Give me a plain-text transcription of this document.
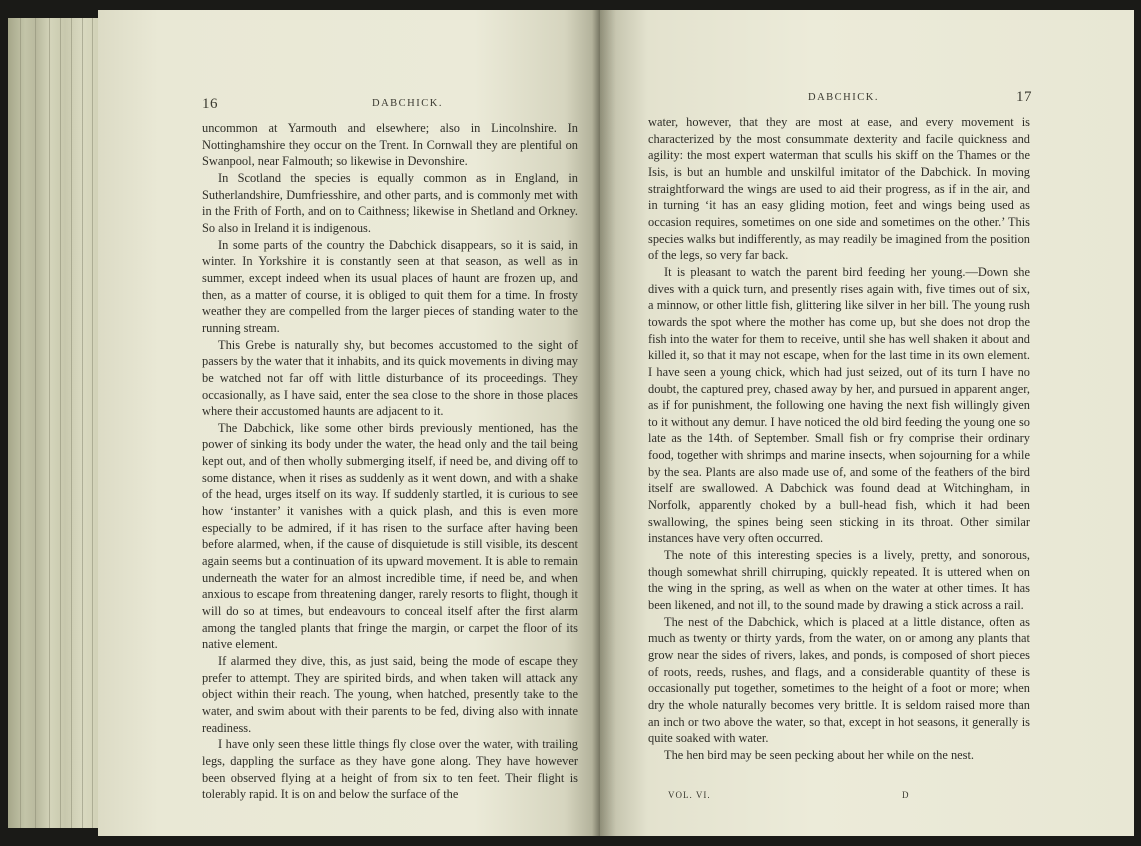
16	DABCHICK.

uncommon at Yarmouth and elsewhere; also in Lincolnshire. In Nottinghamshire they occur on the Trent. In Cornwall they are plentiful on Swanpool, near Falmouth; so likewise in Devonshire.

In Scotland the species is equally common as in England, in Sutherlandshire, Dumfriesshire, and other parts, and is commonly met with in the Frith of Forth, and on to Caithness; likewise in Shetland and Orkney. So also in Ireland it is indigenous.

In some parts of the country the Dabchick disappears, so it is said, in winter. In Yorkshire it is constantly seen at that season, as well as in summer, except indeed when its usual places of haunt are frozen up, and then, as a matter of course, it is obliged to quit them for a time. In frosty weather they are compelled from the larger pieces of standing water to the running stream.

This Grebe is naturally shy, but becomes accustomed to the sight of passers by the water that it inhabits, and its quick movements in diving may be watched not far off with little disturbance of its proceedings. They occasionally, as I have said, enter the sea close to the shore in those places where their accustomed haunts are adjacent to it.

The Dabchick, like some other birds previously mentioned, has the power of sinking its body under the water, the head only and the tail being kept out, and of then wholly submerging itself, if need be, and diving off to some distance, when it rises as suddenly as it went down, and with a shake of the head, urges itself on its way. If suddenly startled, it is curious to see how ‘instanter’ it vanishes with a quick plash, and this is even more especially to be admired, if it has risen to the surface after having been before alarmed, when, if the cause of disquietude is still visible, its descent again seems but a continuation of its upward movement. It is able to remain underneath the water for an almost incredible time, if need be, and when anxious to escape from threatening danger, rarely resorts to flight, though it will do so at times, but endeavours to conceal itself after the first alarm among the tangled plants that fringe the margin, or carpet the floor of its native element.

If alarmed they dive, this, as just said, being the mode of escape they prefer to attempt. They are spirited birds, and when taken will attack any object within their reach. The young, when hatched, presently take to the water, and swim about with their parents to be fed, diving also with innate readiness.

I have only seen these little things fly close over the water, with trailing legs, dappling the surface as they have gone along. They have however been observed flying at a height of from six to ten feet. Their flight is tolerably rapid. It is on and below the surface of the

DABCHICK.	17

water, however, that they are most at ease, and every movement is characterized by the most consummate dexterity and facile quickness and agility: the most expert waterman that sculls his skiff on the Thames or the Isis, is but an humble and unskilful imitator of the Dabchick. In moving straightforward the wings are used to aid their progress, as if in the air, and in turning ‘it has an easy gliding motion, feet and wings being used as occasion requires, sometimes on one side and sometimes on the other.’ This species walks but indifferently, as may readily be imagined from the position of the legs, so very far back.

It is pleasant to watch the parent bird feeding her young.—Down she dives with a quick turn, and presently rises again with, five times out of six, a minnow, or other little fish, glittering like silver in her bill. The young rush towards the spot where the mother has come up, but she does not drop the fish into the water for them to receive, until she has well shaken it about and killed it, so that it may not escape, when for the last time in its own element. I have seen a young chick, which had just seized, out of its turn I have no doubt, the captured prey, chased away by her, and pursued in apparent anger, as if for punishment, the following one having the next fish willingly given to it without any demur. I have noticed the old bird feeding the young one so late as the 14th. of September. Small fish or fry comprise their ordinary food, together with shrimps and marine insects, when sojourning for a while by the sea. Plants are also made use of, and some of the feathers of the bird itself are swallowed. A Dabchick was found dead at Witchingham, in Norfolk, apparently choked by a bull-head fish, which it had been swallowing, the spines being seen sticking in its throat. Other similar instances have very often occurred.

The note of this interesting species is a lively, pretty, and sonorous, though somewhat shrill chirruping, quickly repeated. It is uttered when on the wing in the spring, as well as when on the water at other times. It has been likened, and not ill, to the sound made by drawing a stick across a rail.

The nest of the Dabchick, which is placed at a little distance, often as much as twenty or thirty yards, from the water, on or among any plants that grow near the sides of rivers, lakes, and ponds, is composed of short pieces of roots, reeds, rushes, and flags, and a considerable quantity of these is occasionally put together, sometimes to the height of a foot or more; when dry the whole naturally becomes very brittle. It is seldom raised more than an inch or two above the water, so that, except in hot seasons, it generally is quite soaked with water.

The hen bird may be seen pecking about her while on the nest.

VOL. VI.	D
